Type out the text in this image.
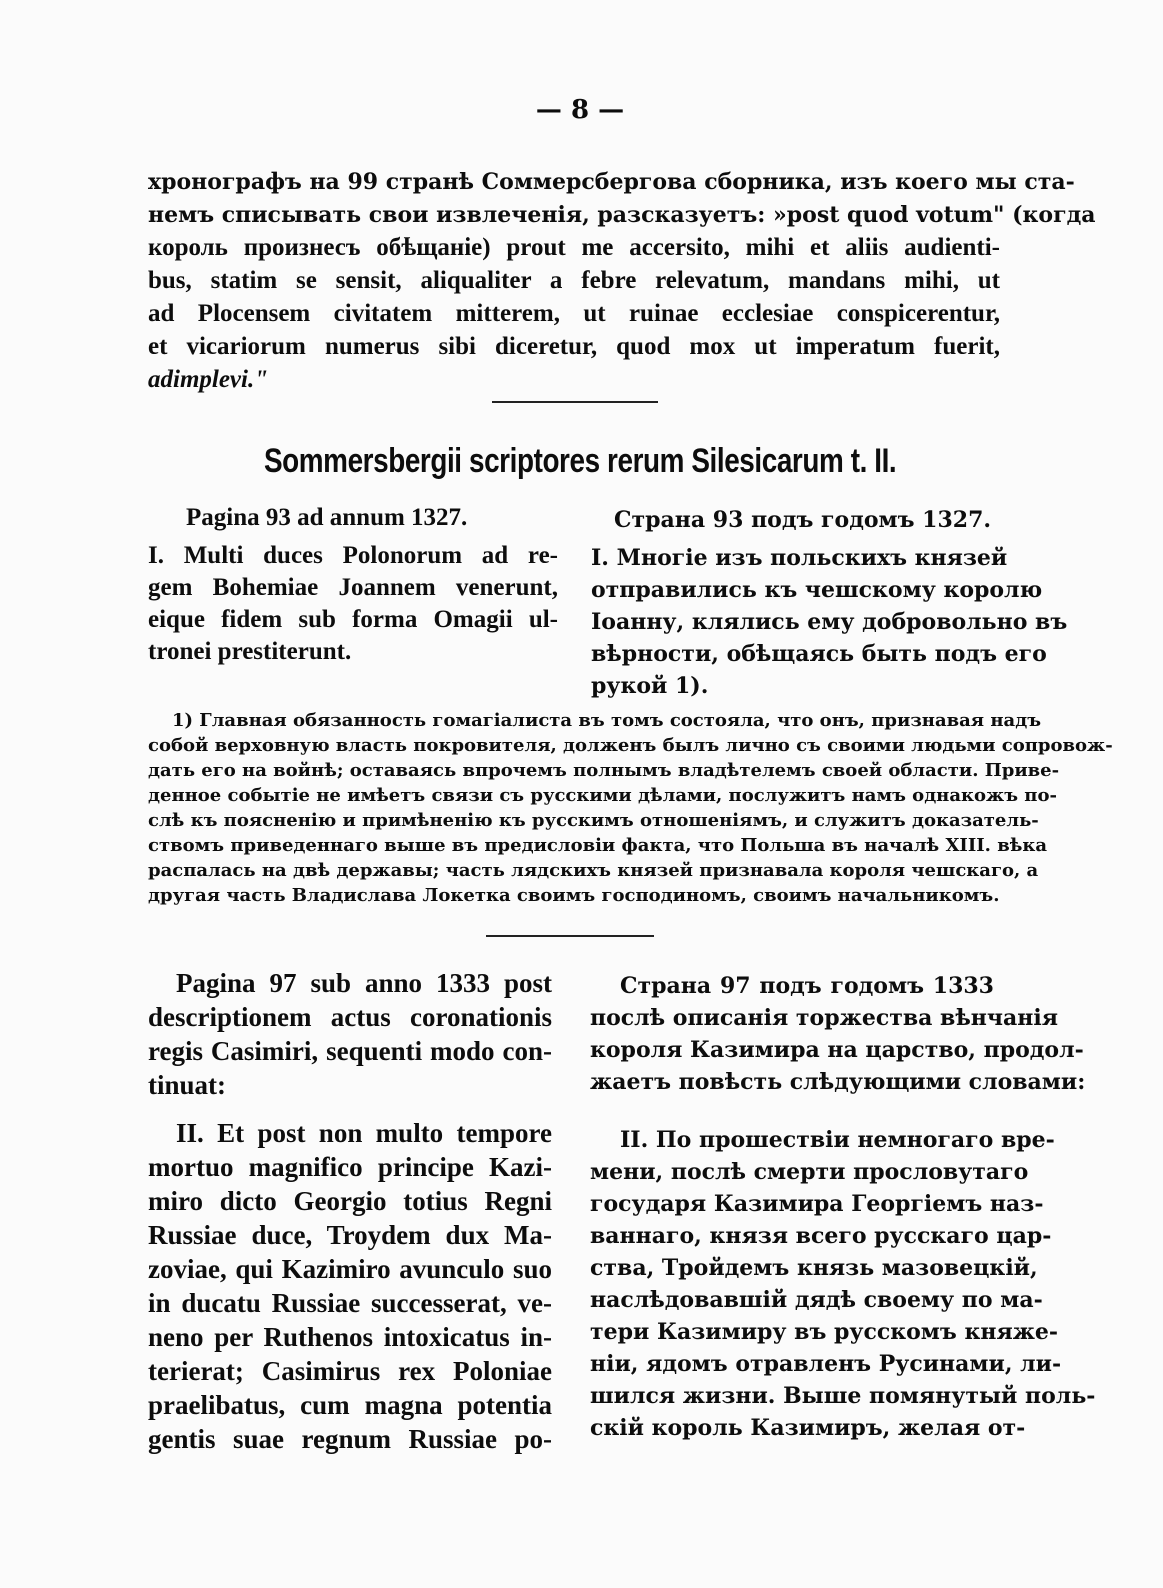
— 8 —
хронографъ на 99 странѣ Соммерсбергова сборника, изъ коего мы ста-
немъ списывать свои извлеченія, разсказуетъ: »post quod votum" (когда
король произнесъ обѣщаніе) prout me accersito, mihi et aliis audienti-
bus, statim se sensit, aliqualiter a febre relevatum, mandans mihi, ut
ad Plocensem civitatem mitterem, ut ruinae ecclesiae conspicerentur,
et vicariorum numerus sibi diceretur, quod mox ut imperatum fuerit,
adimplevi."
Sommersbergii scriptores rerum Silesicarum t. II.
Pagina 93 ad annum 1327.	Страна 93 подъ годомъ 1327.
I. Multi duces Polonorum ad re-
gem Bohemiae Joannem venerunt,
eique fidem sub forma Omagii ul-
tronei prestiterunt.
I. Многіе изъ польскихъ князей
отправились къ чешскому королю
Іоанну, клялись ему добровольно въ
вѣрности, обѣщаясь быть подъ его
рукой 1).
1) Главная обязанность гомагіалиста въ томъ состояла, что онъ, признавая надъ
собой верховную власть покровителя, долженъ былъ лично съ своими людьми сопровож-
дать его на войнѣ; оставаясь впрочемъ полнымъ владѣтелемъ своей области. Приве-
денное событіе не имѣетъ связи съ русскими дѣлами, послужитъ намъ однакожъ по-
слѣ къ поясненію и примѣненію къ русскимъ отношеніямъ, и служитъ доказатель-
ствомъ приведеннаго выше въ предисловіи факта, что Польша въ началѣ XIII. вѣка
распалась на двѣ державы; часть лядскихъ князей признавала короля чешскаго, а
другая часть Владислава Локетка своимъ господиномъ, своимъ начальникомъ.
Pagina 97 sub anno 1333 post
descriptionem actus coronationis
regis Casimiri, sequenti modo con-
tinuat:
Страна 97 подъ годомъ 1333
послѣ описанія торжества вѣнчанія
короля Казимира на царство, продол-
жаетъ повѣсть слѣдующими словами:
II. Et post non multo tempore
mortuo magnifico principe Kazi-
miro dicto Georgio totius Regni
Russiae duce, Troydem dux Ma-
zoviae, qui Kazimiro avunculo suo
in ducatu Russiae successerat, ve-
neno per Ruthenos intoxicatus in-
terierat; Casimirus rex Poloniae
praelibatus, cum magna potentia
gentis suae regnum Russiae po-
II. По прошествіи немногаго вре-
мени, послѣ смерти прословутаго
государя Казимира Георгіемъ наз-
ваннаго, князя всего русскаго цар-
ства, Тройдемъ князь мазовецкій,
наслѣдовавшій дядѣ своему по ма-
тери Казимиру въ русскомъ княже-
ніи, ядомъ отравленъ Русинами, ли-
шился жизни. Выше помянутый поль-
скій король Казимиръ, желая от-
